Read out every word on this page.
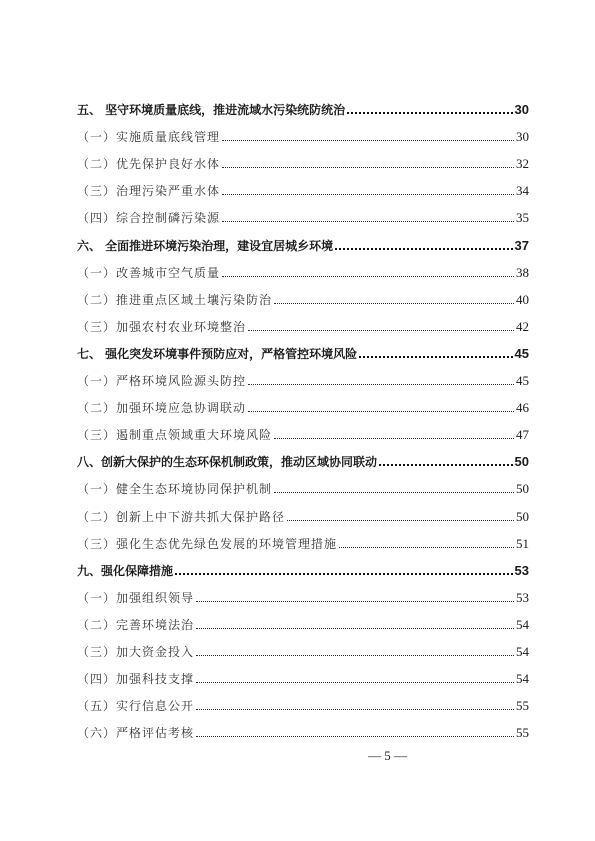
五、 坚守环境质量底线，推进流域水污染统防统治	30
（一）实施质量底线管理	30
（二）优先保护良好水体	32
（三）治理污染严重水体	34
（四）综合控制磷污染源	35
六、 全面推进环境污染治理，建设宜居城乡环境	37
（一）改善城市空气质量	38
（二）推进重点区域土壤污染防治	40
（三）加强农村农业环境整治	42
七、 强化突发环境事件预防应对，严格管控环境风险	45
（一）严格环境风险源头防控	45
（二）加强环境应急协调联动	46
（三）遏制重点领域重大环境风险	47
八、创新大保护的生态环保机制政策，推动区域协同联动	50
（一）健全生态环境协同保护机制	50
（二）创新上中下游共抓大保护路径	50
（三）强化生态优先绿色发展的环境管理措施	51
九、强化保障措施	53
（一）加强组织领导	53
（二）完善环境法治	54
（三）加大资金投入	54
（四）加强科技支撑	54
（五）实行信息公开	55
（六）严格评估考核	55
— 5 —
